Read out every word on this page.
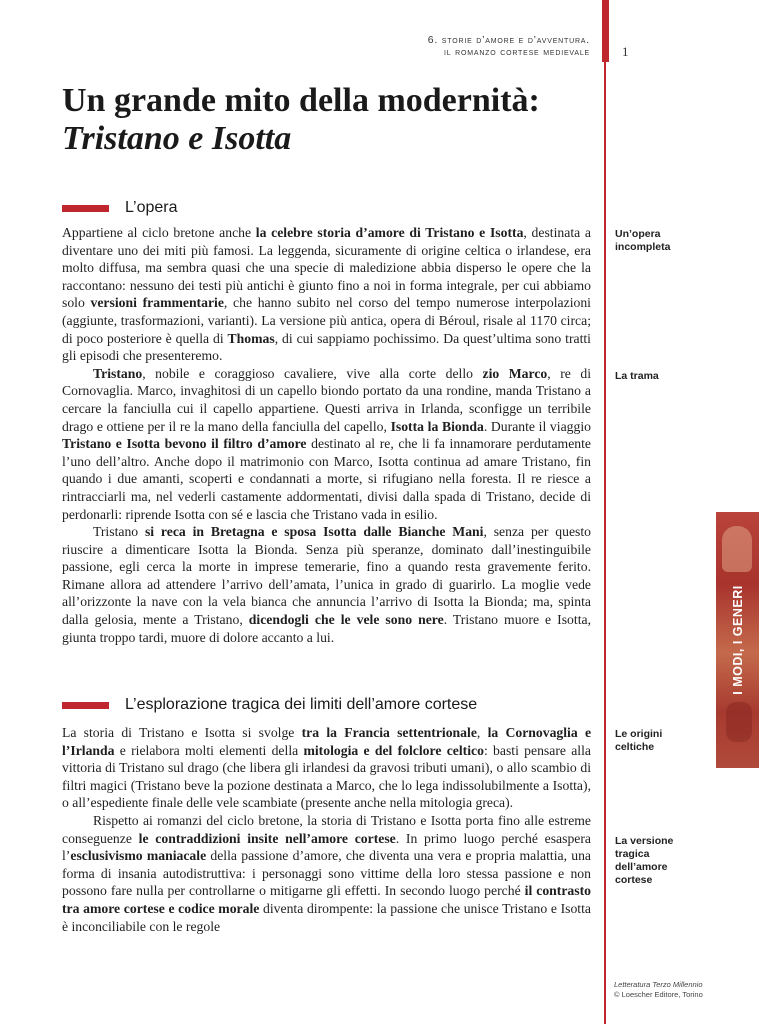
6. storie d’amore e d’avventura.
il romanzo cortese medievale 1
Un grande mito della modernità:
Tristano e Isotta
L’opera

Appartiene al ciclo bretone anche la celebre storia d’amore di Tristano e Isotta, destinata a diventare uno dei miti più famosi. La leggenda, sicuramente di origine celtica o irlandese, era molto diffusa, ma sembra quasi che una specie di maledizione abbia disperso le opere che la raccontano: nessuno dei testi più antichi è giunto fino a noi in forma integrale, per cui abbiamo solo versioni frammentarie, che hanno subito nel corso del tempo numerose interpolazioni (aggiunte, trasformazioni, varianti). La versione più antica, opera di Béroul, risale al 1170 circa; di poco posteriore è quella di Thomas, di cui sappiamo pochissimo. Da quest’ultima sono tratti gli episodi che presenteremo.

Tristano, nobile e coraggioso cavaliere, vive alla corte dello zio Marco, re di Cornovaglia. Marco, invaghitosi di un capello biondo portato da una rondine, manda Tristano a cercare la fanciulla cui il capello appartiene. Questi arriva in Irlanda, sconfigge un terribile drago e ottiene per il re la mano della fanciulla del capello, Isotta la Bionda. Durante il viaggio Tristano e Isotta bevono il filtro d’amore destinato al re, che li fa innamorare perdutamente l’uno dell’altro. Anche dopo il matrimonio con Marco, Isotta continua ad amare Tristano, fin quando i due amanti, scoperti e condannati a morte, si rifugiano nella foresta. Il re riesce a rintracciarli ma, nel vederli castamente addormentati, divisi dalla spada di Tristano, decide di perdonarli: riprende Isotta con sé e lascia che Tristano vada in esilio.

Tristano si reca in Bretagna e sposa Isotta dalle Bianche Mani, senza per questo riuscire a dimenticare Isotta la Bionda. Senza più speranze, dominato dall’inestinguibile passione, egli cerca la morte in imprese temerarie, fino a quando resta gravemente ferito. Rimane allora ad attendere l’arrivo dell’amata, l’unica in grado di guarirlo. La moglie vede all’orizzonte la nave con la vela bianca che annuncia l’arrivo di Isotta la Bionda; ma, spinta dalla gelosia, mente a Tristano, dicendogli che le vele sono nere. Tristano muore e Isotta, giunta troppo tardi, muore di dolore accanto a lui.

L’esplorazione tragica dei limiti dell’amore cortese

La storia di Tristano e Isotta si svolge tra la Francia settentrionale, la Cornovaglia e l’Irlanda e rielabora molti elementi della mitologia e del folclore celtico: basti pensare alla vittoria di Tristano sul drago (che libera gli irlandesi da gravosi tributi umani), o allo scambio di filtri magici (Tristano beve la pozione destinata a Marco, che lo lega indissolubilmente a Isotta), o all’espediente finale delle vele scambiate (presente anche nella mitologia greca).

Rispetto ai romanzi del ciclo bretone, la storia di Tristano e Isotta porta fino alle estreme conseguenze le contraddizioni insite nell’amore cortese. In primo luogo perché esaspera l’esclusivismo maniacale della passione d’amore, che diventa una vera e propria malattia, una forma di insania autodistruttiva: i personaggi sono vittime della loro stessa passione e non possono fare nulla per controllarne o mitigarne gli effetti. In secondo luogo perché il contrasto tra amore cortese e codice morale diventa dirompente: la passione che unisce Tristano e Isotta è inconciliabile con le regole

Un’opera incompleta
La trama
Le origini celtiche
La versione tragica dell’amore cortese
I MODI, I GENERI
Letteratura Terzo Millennio
© Loescher Editore, Torino
